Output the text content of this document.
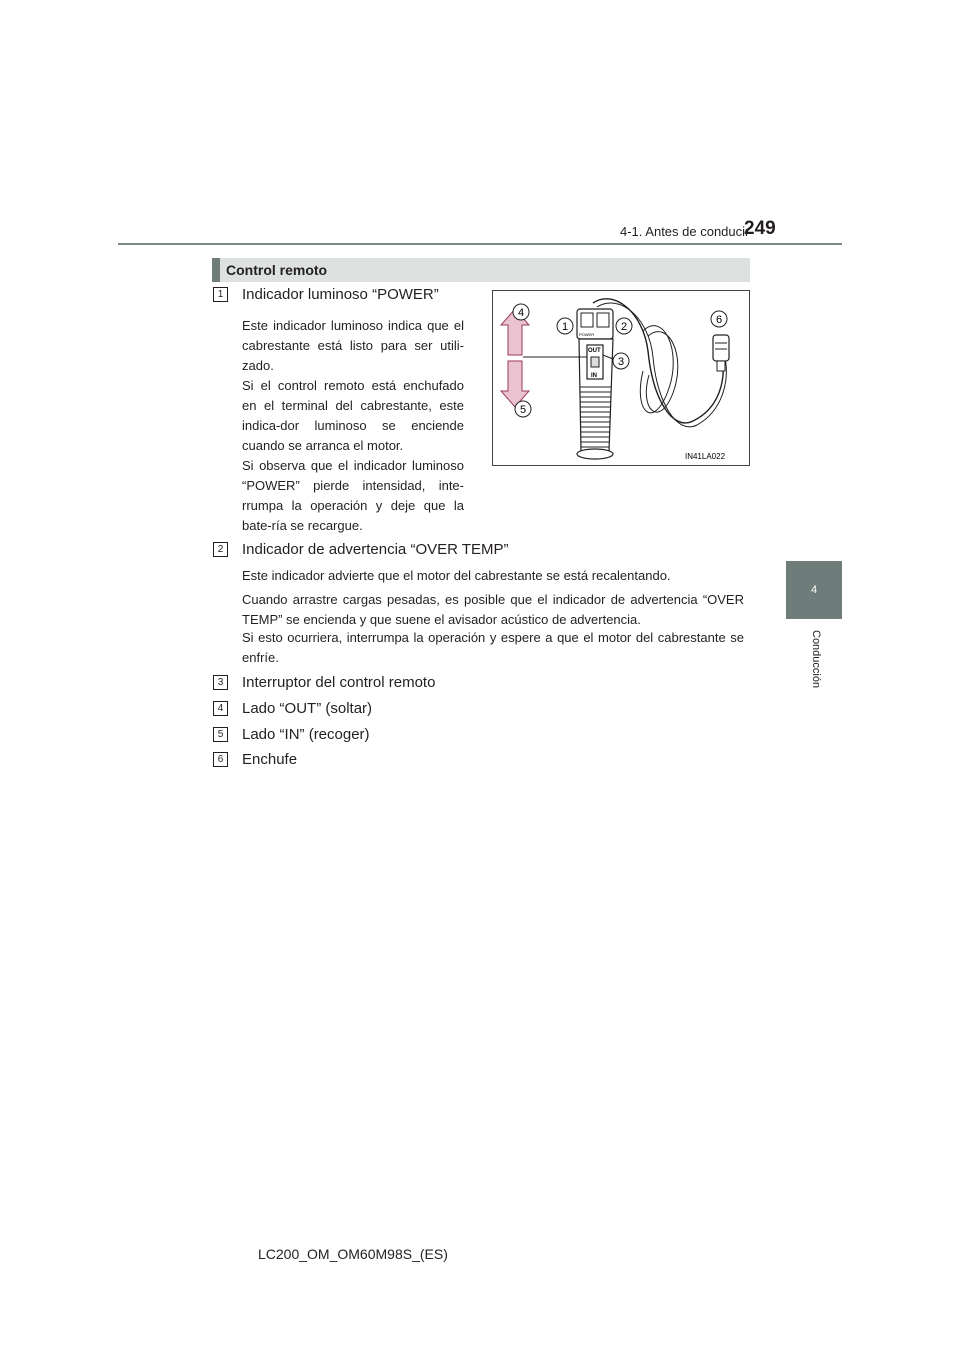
4-1. Antes de conducir
249
4
Conducción
Control remoto
1	Indicador luminoso “POWER”

Este indicador luminoso indica que el cabrestante está listo para ser utili-zado.

Si el control remoto está enchufado en el terminal del cabrestante, este indica-dor luminoso se enciende cuando se arranca el motor.

Si observa que el indicador luminoso “POWER” pierde intensidad, inte-rrumpa la operación y deje que la bate-ría se recargue.

POWER
OUT
IN
4
1	2
6
3
5
IN41LA022
2	Indicador de advertencia “OVER TEMP”

Este indicador advierte que el motor del cabrestante se está recalentando.

Cuando arrastre cargas pesadas, es posible que el indicador de advertencia “OVER TEMP” se encienda y que suene el avisador acústico de advertencia.

Si esto ocurriera, interrumpa la operación y espere a que el motor del cabrestante se enfríe.

3	Interruptor del control remoto
4	Lado “OUT” (soltar)
5	Lado “IN” (recoger)
6	Enchufe
LC200_OM_OM60M98S_(ES)
